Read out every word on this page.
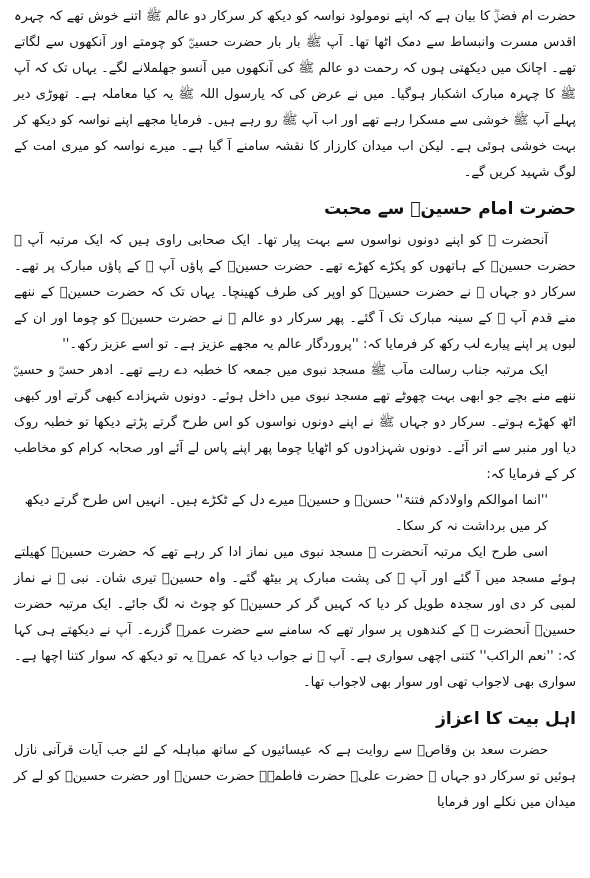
حضرت ام فضلؓ کا بیان ہے کہ اپنے نومولود نواسہ کو دیکھ کر سرکار دو عالم ﷺ اتنے خوش تھے کہ چہرہ اقدس مسرت وانبساط سے دمک اٹھا تھا۔ آپ ﷺ بار بار حضرت حسینؓ کو چومتے اور آنکھوں سے لگاتے تھے۔ اچانک میں دیکھتی ہوں کہ رحمت دو عالم ﷺ کی آنکھوں میں آنسو جھلملانے لگے۔ یہاں تک کہ آپ ﷺ کا چہرہ مبارک اشکبار ہوگیا۔ میں نے عرض کی کہ یارسول اللہ ﷺ یہ کیا معاملہ ہے۔ تھوڑی دیر پہلے آپ ﷺ خوشی سے مسکرا رہے تھے اور اب آپ ﷺ رو رہے ہیں۔ فرمایا مجھے اپنے نواسہ کو دیکھ کر بہت خوشی ہوئی ہے۔ لیکن اب میدان کارزار کا نقشہ سامنے آ گیا ہے۔ میرے نواسہ کو میری امت کے لوگ شہید کریں گے۔

حضرت امام حسینؓ سے محبت

آنحضرت ﷺ کو اپنے دونوں نواسوں سے بہت پیار تھا۔ ایک صحابی راوی ہیں کہ ایک مرتبہ آپ ﷺ حضرت حسینؓ کے ہاتھوں کو پکڑے کھڑے تھے۔ حضرت حسینؓ کے پاؤں آپ ﷺ کے پاؤں مبارک پر تھے۔ سرکار دو جہاں ﷺ نے حضرت حسینؓ کو اوپر کی طرف کھینچا۔ یہاں تک کہ حضرت حسینؓ کے ننھے منے قدم آپ ﷺ کے سینہ مبارک تک آ گئے۔ پھر سرکار دو عالم ﷺ نے حضرت حسینؓ کو چوما اور ان کے لبوں پر اپنے پیارے لب رکھ کر فرمایا کہ: ''پروردگار عالم یہ مجھے عزیز ہے۔ تو اسے عزیز رکھ۔''

ایک مرتبہ جناب رسالت مآب ﷺ مسجد نبوی میں جمعہ کا خطبہ دے رہے تھے۔ ادھر حسنؓ و حسینؓ ننھے منے بچے جو ابھی بہت چھوٹے تھے مسجد نبوی میں داخل ہوئے۔ دونوں شہزادے کبھی گرتے اور کبھی اٹھ کھڑے ہوتے۔ سرکار دو جہاں ﷺ نے اپنے دونوں نواسوں کو اس طرح گرتے پڑتے دیکھا تو خطبہ روک دیا اور منبر سے اتر آئے۔ دونوں شہزادوں کو اٹھایا چوما پھر اپنے پاس لے آئے اور صحابہ کرام کو مخاطب کر کے فرمایا کہ:

''انما اموالکم واولادکم فتنۃ'' حسنؓ و حسینؓ میرے دل کے ٹکڑے ہیں۔ انہیں اس طرح گرتے دیکھ کر میں برداشت نہ کر سکا۔

اسی طرح ایک مرتبہ آنحضرت ﷺ مسجد نبوی میں نماز ادا کر رہے تھے کہ حضرت حسینؓ کھیلتے ہوئے مسجد میں آ گئے اور آپ ﷺ کی پشت مبارک پر بیٹھ گئے۔ واہ حسینؓ تیری شان۔ نبی ﷺ نے نماز لمبی کر دی اور سجدہ طویل کر دیا کہ کہیں گر کر حسینؓ کو چوٹ نہ لگ جائے۔ ایک مرتبہ حضرت حسینؓ آنحضرت ﷺ کے کندھوں پر سوار تھے کہ سامنے سے حضرت عمرؓ گزرے۔ آپ نے دیکھتے ہی کہا کہ: ''نعم الراکب'' کتنی اچھی سواری ہے۔ آپ ﷺ نے جواب دیا کہ عمرؓ یہ تو دیکھ کہ سوار کتنا اچھا ہے۔ سواری بھی لاجواب تھی اور سوار بھی لاجواب تھا۔

اہل بیت کا اعزاز

حضرت سعد بن وقاصؓ سے روایت ہے کہ عیسائیوں کے ساتھ مباہلہ کے لئے جب آیات قرآنی نازل ہوئیں تو سرکار دو جہاں ﷺ حضرت علیؓ حضرت فاطمہؓ حضرت حسنؓ اور حضرت حسینؓ کو لے کر میدان میں نکلے اور فرمایا
